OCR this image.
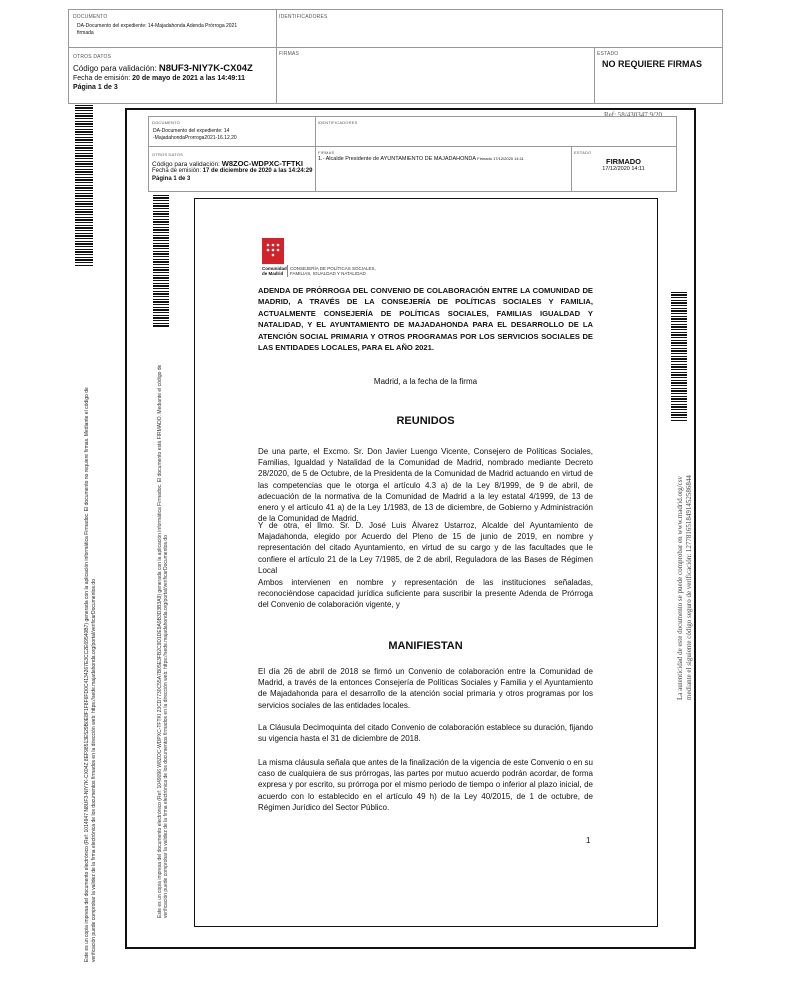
DOCUMENTO
DA-Documento del expediente: 14-Majadahonda Adenda Prórroga 2021
firmada
IDENTIFICADORES
OTROS DATOS
Código para validación: N8UF3-NIY7K-CX04Z
Fecha de emisión: 20 de mayo de 2021 a las 14:49:11
Página 1 de 3
FIRMAS	ESTADO
NO REQUIERE FIRMAS
Este es un copia impresa del documento electrónico (Ref: 1014947 N8UF3-NIY7K-CX04Z 8EF98513E529B0E8F1F8F6FD0C4134267E3CC2E69540B7) generada con la aplicación informática Firmadoc. El documento no requiere firmas. Mediante el código de verificación puede comprobar la validez de la firma electrónica de los documentos firmados en la dirección web: https://sede.majadahonda.org/portal/verificarDocumentos.do
Ref: 58/430347.9/20
DOCUMENTO
DA-Documento del expediente: 14
-MajadahondaProrroga2021-16.12.20
IDENTIFICADORES
OTROS DATOS
Código para validación: W8ZOC-WDPXC-TFTKI
Fecha de emisión: 17 de diciembre de 2020 a las 14:24:29
Página 1 de 3
FIRMAS
1.- Alcalde Presidente de AYUNTAMIENTO DE MAJADAHONDA Firmado 17/12/2020 14:11
ESTADO
FIRMADO
17/12/2020 14:11
Este es un copia impresa del documento electrónico (Ref: 1049096 W8ZOC-WDPXC-TFTKI 23CD7730C55A7B05E3FB2C9D1DE9A9B3D3B3A9) generada con la aplicación informática Firmadoc. El documento está FIRMADO. Mediante el código de verificación puede comprobar la validez de la firma electrónica de los documentos firmados en la dirección web: https://sede.majadahonda.org/portal/verificarDocumentos.do	La autenticidad de este documento se puede comprobar en www.madrid.org/csv mediante el siguiente código seguro de verificación: 1277816518491452586844
Comunidad
de Madrid
CONSEJERÍA DE POLÍTICAS SOCIALES,
FAMILIAS, IGUALDAD Y NATALIDAD
ADENDA DE PRÓRROGA DEL CONVENIO DE COLABORACIÓN ENTRE LA COMUNIDAD DE MADRID, A TRAVÉS DE LA CONSEJERÍA DE POLÍTICAS SOCIALES Y FAMILIA, ACTUALMENTE CONSEJERÍA DE POLÍTICAS SOCIALES, FAMILIAS IGUALDAD Y NATALIDAD, Y EL AYUNTAMIENTO DE MAJADAHONDA PARA EL DESARROLLO DE LA ATENCIÓN SOCIAL PRIMARIA Y OTROS PROGRAMAS POR LOS SERVICIOS SOCIALES DE LAS ENTIDADES LOCALES, PARA EL AÑO 2021.
Madrid, a la fecha de la firma
REUNIDOS
De una parte, el Excmo. Sr. Don Javier Luengo Vicente, Consejero de Políticas Sociales, Familias, Igualdad y Natalidad de la Comunidad de Madrid, nombrado mediante Decreto 28/2020, de 5 de Octubre, de la Presidenta de la Comunidad de Madrid actuando en virtud de las competencias que le otorga el artículo 4.3 a) de la Ley 8/1999, de 9 de abril, de adecuación de la normativa de la Comunidad de Madrid a la ley estatal 4/1999, de 13 de enero y el artículo 41 a) de la Ley 1/1983, de 13 de diciembre, de Gobierno y Administración de la Comunidad de Madrid.
Y de otra, el Ilmo. Sr. D. José Luis Álvarez Ustarroz, Alcalde del Ayuntamiento de Majadahonda, elegido por Acuerdo del Pleno de 15 de junio de 2019, en nombre y representación del citado Ayuntamiento, en virtud de su cargo y de las facultades que le confiere el artículo 21 de la Ley 7/1985, de 2 de abril, Reguladora de las Bases de Régimen Local
Ambos intervienen en nombre y representación de las instituciones señaladas, reconociéndose capacidad jurídica suficiente para suscribir la presente Adenda de Prórroga del Convenio de colaboración vigente, y
MANIFIESTAN
El día 26 de abril de 2018 se firmó un Convenio de colaboración entre la Comunidad de Madrid, a través de la entonces Consejería de Políticas Sociales y Familia y el Ayuntamiento de Majadahonda para el desarrollo de la atención social primaria y otros programas por los servicios sociales de las entidades locales.
La Cláusula Decimoquinta del citado Convenio de colaboración establece su duración, fijando su vigencia hasta el 31 de diciembre de 2018.
La misma cláusula señala que antes de la finalización de la vigencia de este Convenio o en su caso de cualquiera de sus prórrogas, las partes por mutuo acuerdo podrán acordar, de forma expresa y por escrito, su prórroga por el mismo periodo de tiempo o inferior al plazo inicial, de acuerdo con lo establecido en el artículo 49 h) de la Ley 40/2015, de 1 de octubre, de Régimen Jurídico del Sector Público.
1
